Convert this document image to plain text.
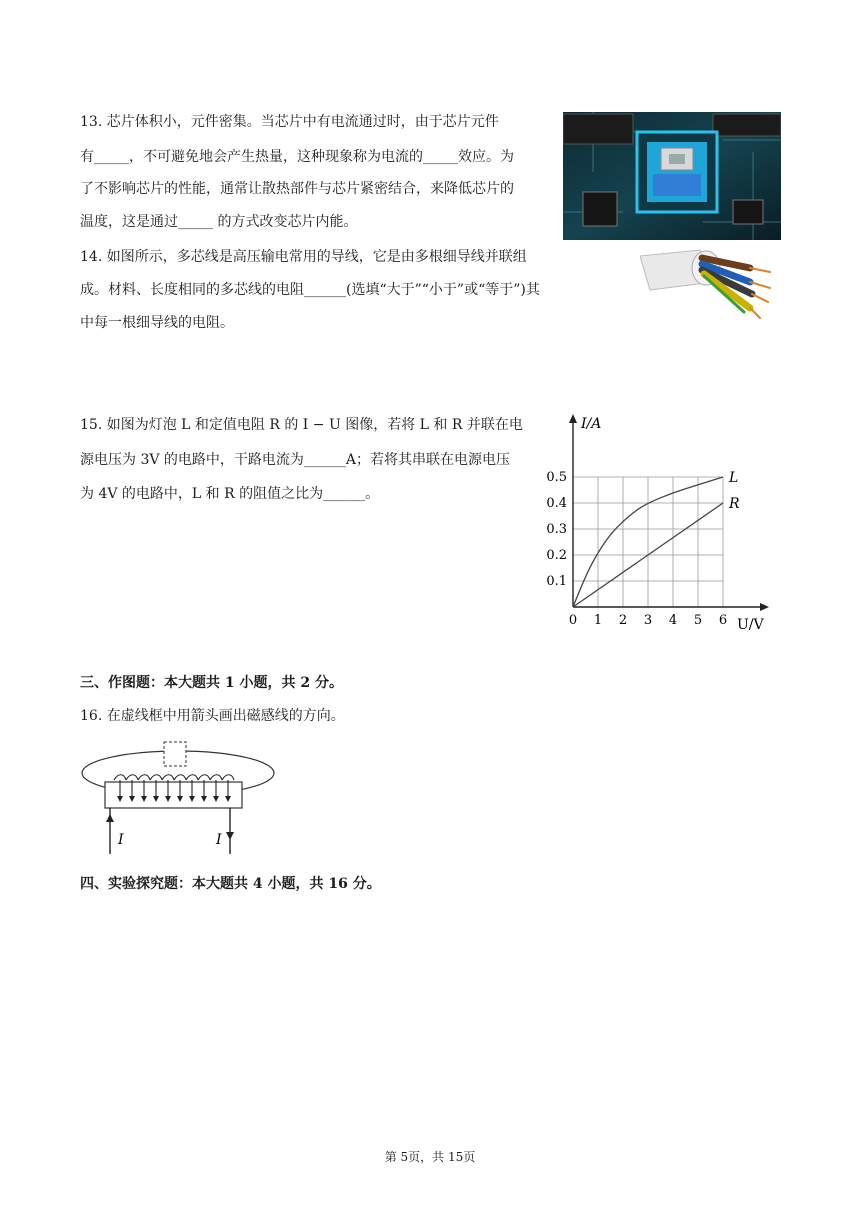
13. 芯片体积小，元件密集。当芯片中有电流通过时，由于芯片元件
有_____，不可避免地会产生热量，这种现象称为电流的_____效应。为
了不影响芯片的性能，通常让散热部件与芯片紧密结合，来降低芯片的
温度，这是通过_____ 的方式改变芯片内能。
14. 如图所示，多芯线是高压输电常用的导线，它是由多根细导线并联组
成。材料、长度相同的多芯线的电阻______(选填“大于”“小于”或“等于”)其
中每一根细导线的电阻。
15. 如图为灯泡 L 和定值电阻 R 的 I − U 图像，若将 L 和 R 并联在电
源电压为 3V 的电路中，干路电流为______A；若将其串联在电源电压
为 4V 的电路中，L 和 R 的阻值之比为______。
0 1 2 3 4 5 6
0.1
0.2
0.3
0.4
0.5
I/A
U/V
L
R
三、作图题：本大题共 1 小题，共 2 分。
16. 在虚线框中用箭头画出磁感线的方向。
I	I
四、实验探究题：本大题共 4 小题，共 16 分。
第 5页，共 15页
